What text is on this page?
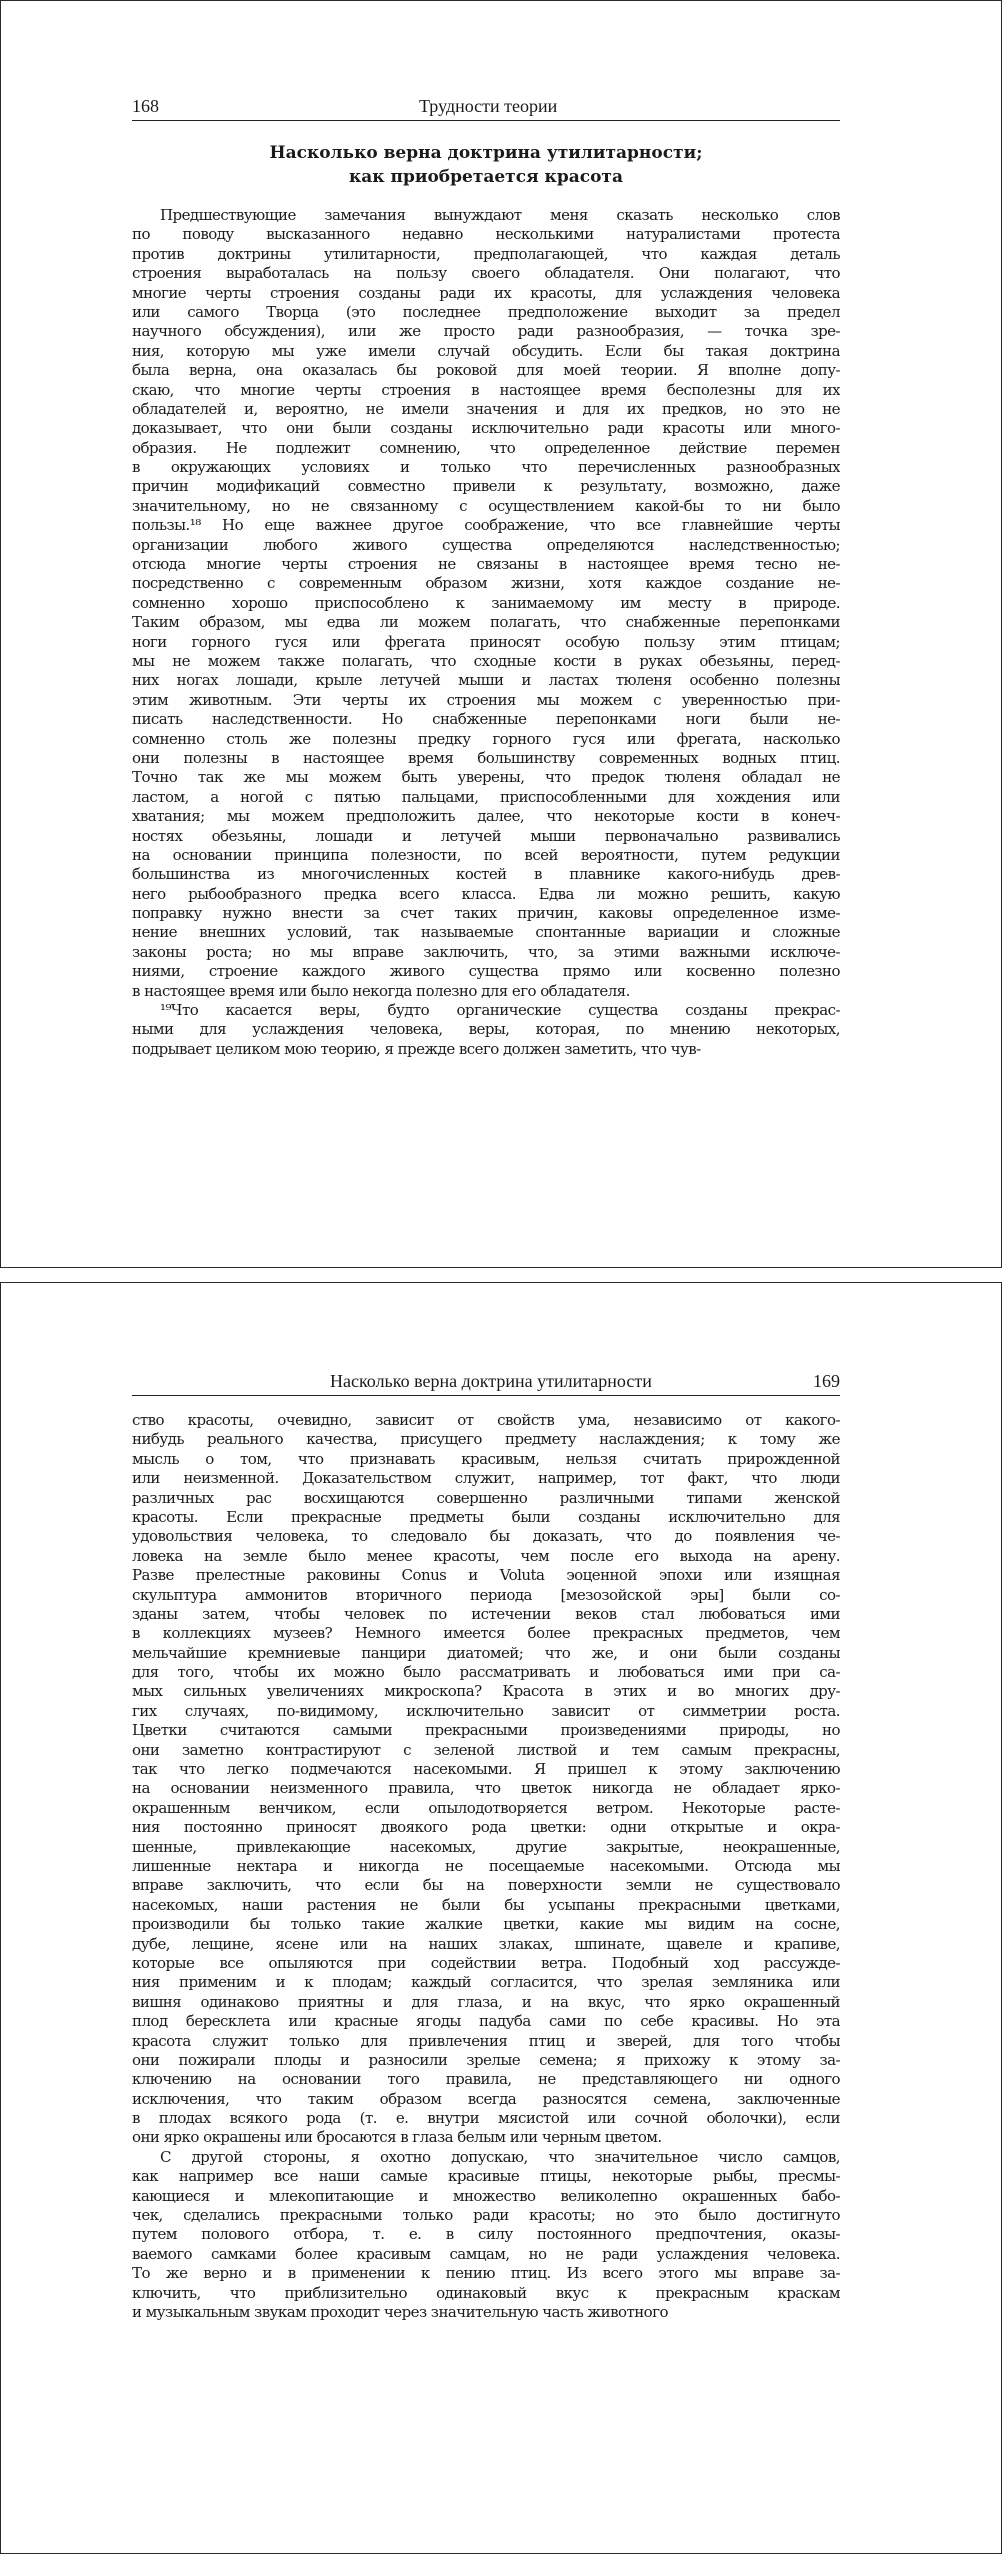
168	Трудности теории
Насколько верна доктрина утилитарности;
как приобретается красота
Предшествующие замечания вынуждают меня сказать несколько слов
по поводу высказанного недавно несколькими натуралистами протеста
против доктрины утилитарности, предполагающей, что каждая деталь
строения выработалась на пользу своего обладателя. Они полагают, что
многие черты строения созданы ради их красоты, для услаждения человека
или самого Творца (это последнее предположение выходит за предел
научного обсуждения), или же просто ради разнообразия, — точка зре-
ния, которую мы уже имели случай обсудить. Если бы такая доктрина
была верна, она оказалась бы роковой для моей теории. Я вполне допу-
скаю, что многие черты строения в настоящее время бесполезны для их
обладателей и, вероятно, не имели значения и для их предков, но это не
доказывает, что они были созданы исключительно ради красоты или много-
образия. Не подлежит сомнению, что определенное действие перемен
в окружающих условиях и только что перечисленных разнообразных
причин модификаций совместно привели к результату, возможно, даже
значительному, но не связанному с осуществлением какой-бы то ни было
пользы.¹⁸ Но еще важнее другое соображение, что все главнейшие черты
организации любого живого существа определяются наследственностью;
отсюда многие черты строения не связаны в настоящее время тесно не-
посредственно с современным образом жизни, хотя каждое создание не-
сомненно хорошо приспособлено к занимаемому им месту в природе.
Таким образом, мы едва ли можем полагать, что снабженные перепонками
ноги горного гуся или фрегата приносят особую пользу этим птицам;
мы не можем также полагать, что сходные кости в руках обезьяны, перед-
них ногах лошади, крыле летучей мыши и ластах тюленя особенно полезны
этим животным. Эти черты их строения мы можем с уверенностью при-
писать наследственности. Но снабженные перепонками ноги были не-
сомненно столь же полезны предку горного гуся или фрегата, насколько
они полезны в настоящее время большинству современных водных птиц.
Точно так же мы можем быть уверены, что предок тюленя обладал не
ластом, а ногой с пятью пальцами, приспособленными для хождения или
хватания; мы можем предположить далее, что некоторые кости в конеч-
ностях обезьяны, лошади и летучей мыши первоначально развивались
на основании принципа полезности, по всей вероятности, путем редукции
большинства из многочисленных костей в плавнике какого-нибудь древ-
него рыбообразного предка всего класса. Едва ли можно решить, какую
поправку нужно внести за счет таких причин, каковы определенное изме-
нение внешних условий, так называемые спонтанные вариации и сложные
законы роста; но мы вправе заключить, что, за этими важными исключе-
ниями, строение каждого живого существа прямо или косвенно полезно
в настоящее время или было некогда полезно для его обладателя.
¹⁹Что касается веры, будто органические существа созданы прекрас-
ными для услаждения человека, веры, которая, по мнению некоторых,
подрывает целиком мою теорию, я прежде всего должен заметить, что чув-
Насколько верна доктрина утилитарности	169
ство красоты, очевидно, зависит от свойств ума, независимо от какого-
нибудь реального качества, присущего предмету наслаждения; к тому же
мысль о том, что признавать красивым, нельзя считать прирожденной
или неизменной. Доказательством служит, например, тот факт, что люди
различных рас восхищаются совершенно различными типами женской
красоты. Если прекрасные предметы были созданы исключительно для
удовольствия человека, то следовало бы доказать, что до появления че-
ловека на земле было менее красоты, чем после его выхода на арену.
Разве прелестные раковины Conus и Voluta эоценной эпохи или изящная
скульптура аммонитов вторичного периода [мезозойской эры] были со-
зданы затем, чтобы человек по истечении веков стал любоваться ими
в коллекциях музеев? Немного имеется более прекрасных предметов, чем
мельчайшие кремниевые панцири диатомей; что же, и они были созданы
для того, чтобы их можно было рассматривать и любоваться ими при са-
мых сильных увеличениях микроскопа? Красота в этих и во многих дру-
гих случаях, по-видимому, исключительно зависит от симметрии роста.
Цветки считаются самыми прекрасными произведениями природы, но
они заметно контрастируют с зеленой листвой и тем самым прекрасны,
так что легко подмечаются насекомыми. Я пришел к этому заключению
на основании неизменного правила, что цветок никогда не обладает ярко-
окрашенным венчиком, если опылодотворяется ветром. Некоторые расте-
ния постоянно приносят двоякого рода цветки: одни открытые и окра-
шенные, привлекающие насекомых, другие закрытые, неокрашенные,
лишенные нектара и никогда не посещаемые насекомыми. Отсюда мы
вправе заключить, что если бы на поверхности земли не существовало
насекомых, наши растения не были бы усыпаны прекрасными цветками,
производили бы только такие жалкие цветки, какие мы видим на сосне,
дубе, лещине, ясене или на наших злаках, шпинате, щавеле и крапиве,
которые все опыляются при содействии ветра. Подобный ход рассужде-
ния применим и к плодам; каждый согласится, что зрелая земляника или
вишня одинаково приятны и для глаза, и на вкус, что ярко окрашенный
плод бересклета или красные ягоды падуба сами по себе красивы. Но эта
красота служит только для привлечения птиц и зверей, для того чтобы
они пожирали плоды и разносили зрелые семена; я прихожу к этому за-
ключению на основании того правила, не представляющего ни одного
исключения, что таким образом всегда разносятся семена, заключенные
в плодах всякого рода (т. е. внутри мясистой или сочной оболочки), если
они ярко окрашены или бросаются в глаза белым или черным цветом.
С другой стороны, я охотно допускаю, что значительное число самцов,
как например все наши самые красивые птицы, некоторые рыбы, пресмы-
кающиеся и млекопитающие и множество великолепно окрашенных бабо-
чек, сделались прекрасными только ради красоты; но это было достигнуто
путем полового отбора, т. е. в силу постоянного предпочтения, оказы-
ваемого самками более красивым самцам, но не ради услаждения человека.
То же верно и в применении к пению птиц. Из всего этого мы вправе за-
ключить, что приблизительно одинаковый вкус к прекрасным краскам
и музыкальным звукам проходит через значительную часть животного
